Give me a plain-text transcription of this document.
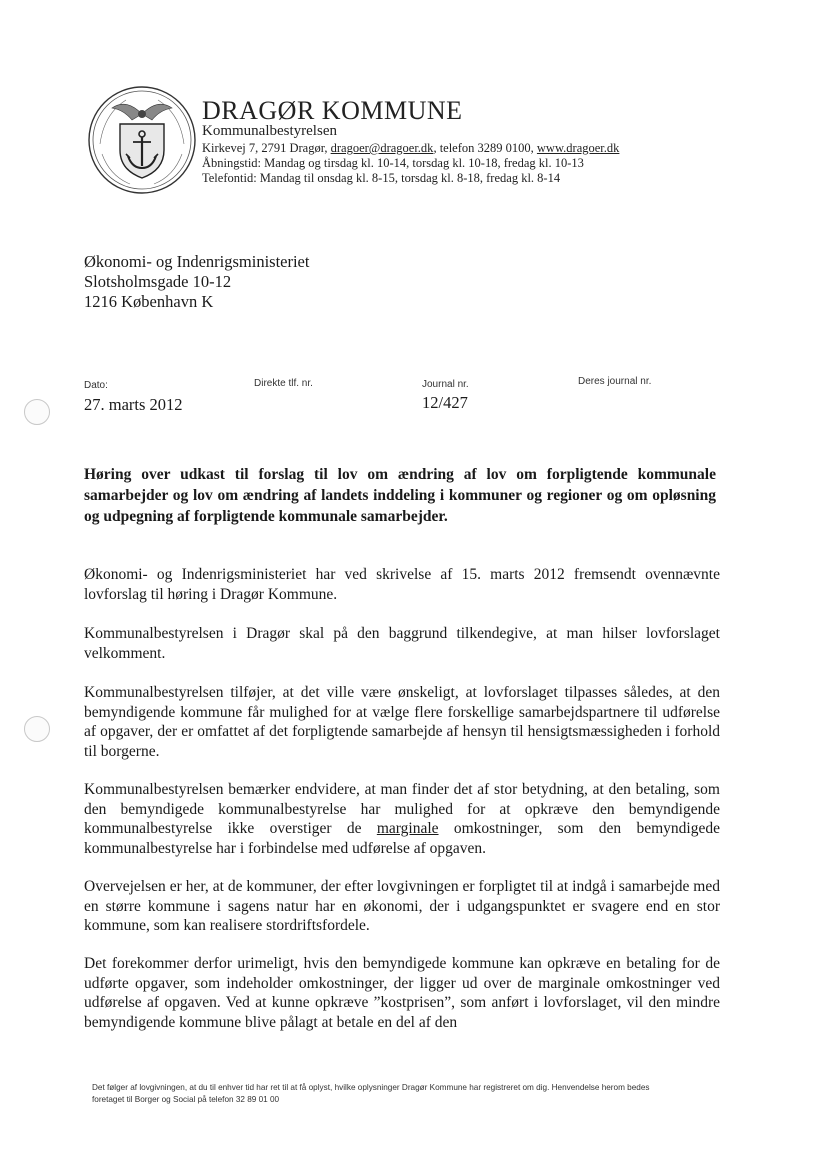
DRAGØR KOMMUNE
Kommunalbestyrelsen
Kirkevej 7, 2791 Dragør, dragoer@dragoer.dk, telefon 3289 0100, www.dragoer.dk
Åbningstid: Mandag og tirsdag kl. 10-14, torsdag kl. 10-18, fredag kl. 10-13
Telefontid: Mandag til onsdag kl. 8-15, torsdag kl. 8-18, fredag kl. 8-14
Økonomi- og Indenrigsministeriet
Slotsholmsgade 10-12
1216 København K
Dato:
27. marts 2012
Direkte tlf. nr.	Journal nr.
12/427
Deres journal nr.
Høring over udkast til forslag til lov om ændring af lov om forpligtende kommunale samarbejder og lov om ændring af landets inddeling i kommuner og regioner og om opløsning og udpegning af forpligtende kommunale samarbejder.
Økonomi- og Indenrigsministeriet har ved skrivelse af 15. marts 2012 fremsendt ovennævnte lovforslag til høring i Dragør Kommune.
Kommunalbestyrelsen i Dragør skal på den baggrund tilkendegive, at man hilser lovforslaget velkomment.
Kommunalbestyrelsen tilføjer, at det ville være ønskeligt, at lovforslaget tilpasses således, at den bemyndigende kommune får mulighed for at vælge flere forskellige samarbejdspartnere til udførelse af opgaver, der er omfattet af det forpligtende samarbejde af hensyn til hensigtsmæssigheden i forhold til borgerne.
Kommunalbestyrelsen bemærker endvidere, at man finder det af stor betydning, at den betaling, som den bemyndigede kommunalbestyrelse har mulighed for at opkræve den bemyndigende kommunalbestyrelse ikke overstiger de marginale omkostninger, som den bemyndigede kommunalbestyrelse har i forbindelse med udførelse af opgaven.
Overvejelsen er her, at de kommuner, der efter lovgivningen er forpligtet til at indgå i samarbejde med en større kommune i sagens natur har en økonomi, der i udgangspunktet er svagere end en stor kommune, som kan realisere stordriftsfordele.
Det forekommer derfor urimeligt, hvis den bemyndigede kommune kan opkræve en betaling for de udførte opgaver, som indeholder omkostninger, der ligger ud over de marginale omkostninger ved udførelse af opgaven. Ved at kunne opkræve ”kostprisen”, som anført i lovforslaget, vil den mindre bemyndigende kommune blive pålagt at betale en del af den
Det følger af lovgivningen, at du til enhver tid har ret til at få oplyst, hvilke oplysninger Dragør Kommune har registreret om dig. Henvendelse herom bedes
foretaget til Borger og Social på telefon 32 89 01 00
